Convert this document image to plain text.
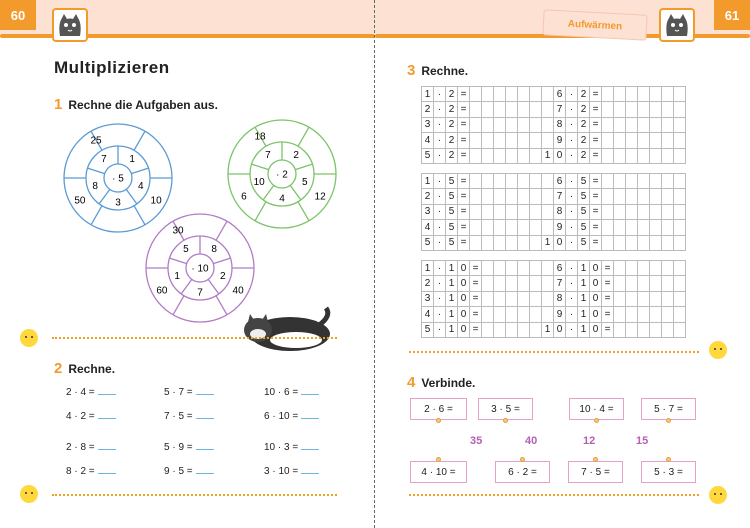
60
Multiplizieren
1 Rechne die Aufgaben aus.
· 5
1
4
3
8
7
25
10
50
· 2
2
5
4
10
7
18
12
6
· 10
8
2
7
1
5
30
40
60
2 Rechne.
2 · 4 =	5 · 7 =	10 · 6 =
4 · 2 =	7 · 5 =	6 · 10 =
2 · 8 =	5 · 9 =	10 · 3 =
8 · 2 =	9 · 5 =	3 · 10 =
Aufwärmen
61
3 Rechne.
1	·	2	=								6	·	2	=							
2	·	2	=								7	·	2	=							
3	·	2	=								8	·	2	=							
4	·	2	=								9	·	2	=							
5	·	2	=							1	0	·	2	=							
1	·	5	=								6	·	5	=							
2	·	5	=								7	·	5	=							
3	·	5	=								8	·	5	=							
4	·	5	=								9	·	5	=							
5	·	5	=							1	0	·	5	=							
1	·	1	0	=							6	·	1	0	=						
2	·	1	0	=							7	·	1	0	=						
3	·	1	0	=							8	·	1	0	=						
4	·	1	0	=							9	·	1	0	=						
5	·	1	0	=						1	0	·	1	0	=						
4 Verbinde.
2 · 6 =	3 · 5 =	10 · 4 =	5 · 7 =
35	40	12	15
4 · 10 =	6 · 2 =	7 · 5 =	5 · 3 =
